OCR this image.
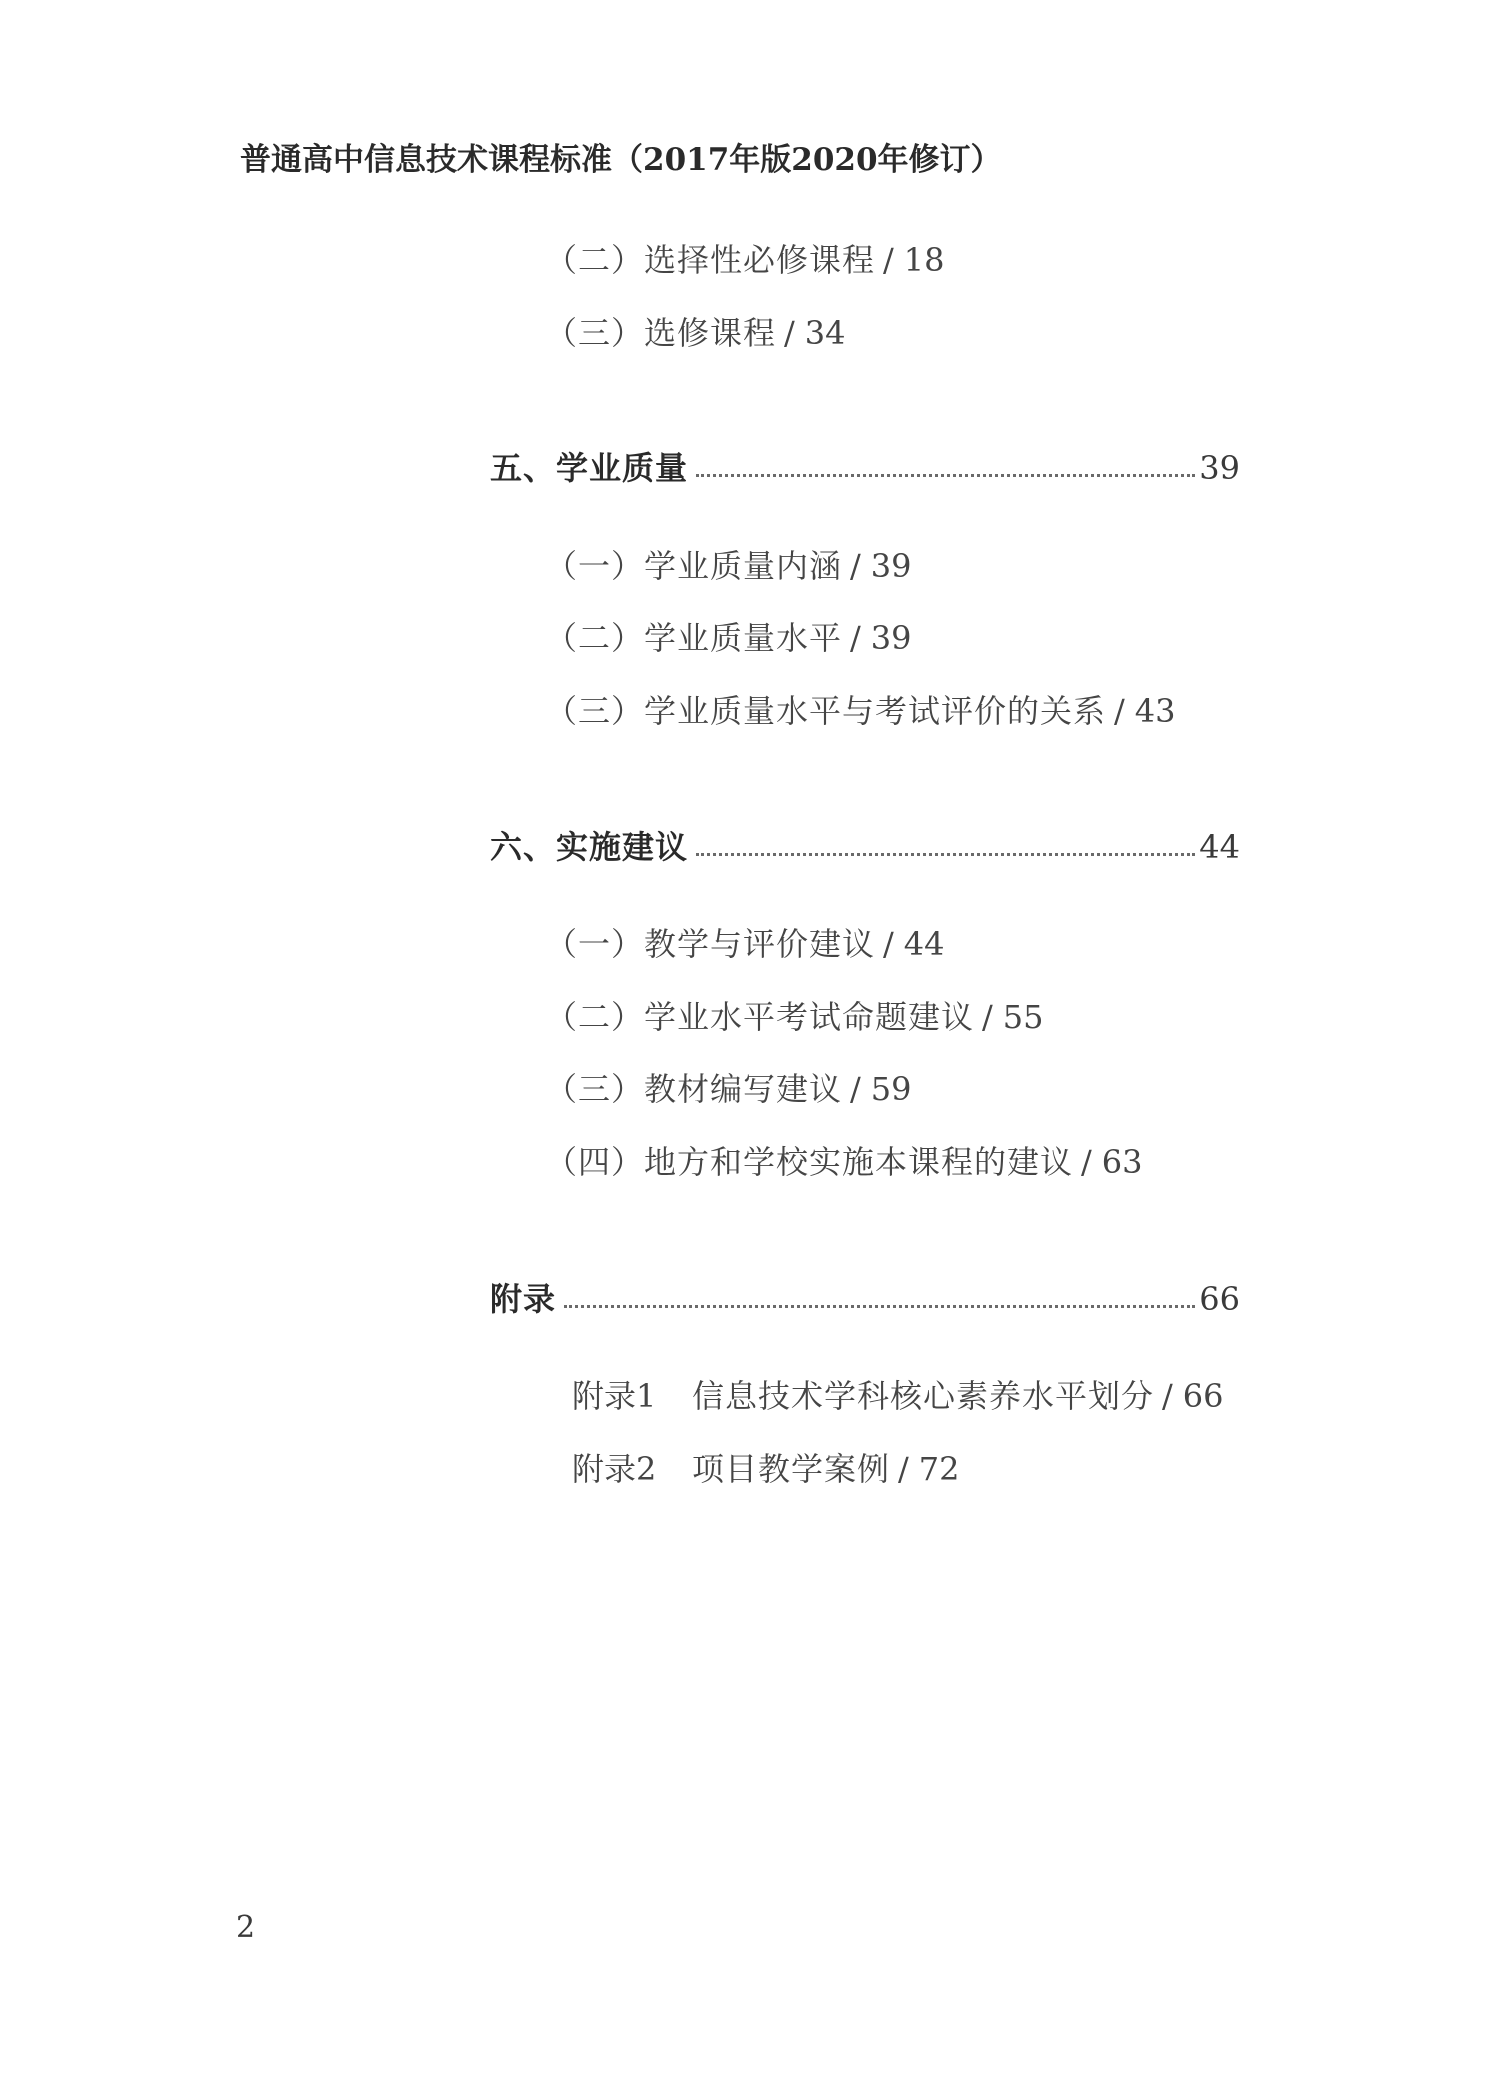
普通高中信息技术课程标准（2017年版2020年修订）
（二）选择性必修课程 / 18
（三）选修课程 / 34
五、学业质量	39
（一）学业质量内涵 / 39
（二）学业质量水平 / 39
（三）学业质量水平与考试评价的关系 / 43
六、实施建议	44
（一）教学与评价建议 / 44
（二）学业水平考试命题建议 / 55
（三）教材编写建议 / 59
（四）地方和学校实施本课程的建议 / 63
附录	66
附录1 信息技术学科核心素养水平划分 / 66
附录2 项目教学案例 / 72
2
